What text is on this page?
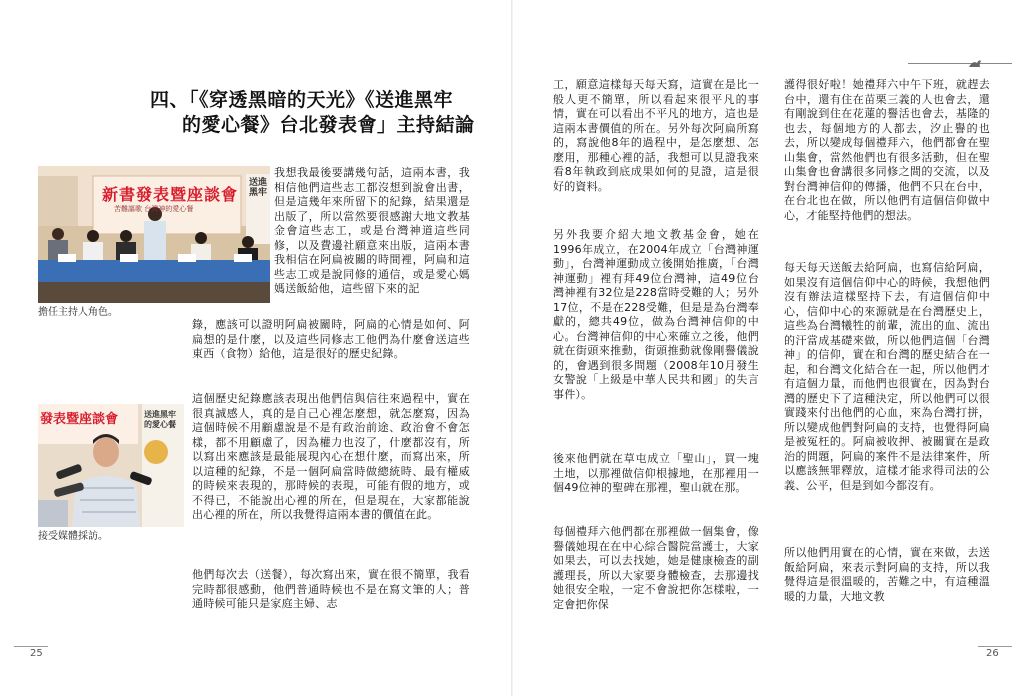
四、「《穿透黑暗的天光》《送進黑牢
的愛心餐》台北發表會」主持結論
新書發表暨座談會
苦難謳歌 台灣神的愛心餐
送進黑牢
擔任主持人角色。
發表暨座談會	送進黑牢的愛心餐
接受媒體採訪。

我想我最後要講幾句話，這兩本書，我相信他們這些志工都沒想到說會出書，但是這幾年來所留下的紀錄，結果還是出版了，所以當然要很感謝大地文教基金會這些志工，或是台灣神道這些同修，以及費邊社願意來出版，這兩本書我相信在阿扁被關的時間裡，阿扁和這些志工或是說同修的通信，或是愛心媽媽送飯給他，這些留下來的記

錄，應該可以證明阿扁被關時，阿扁的心情是如何、阿扁想的是什麼，以及這些同修志工他們為什麼會送這些東西（食物）給他，這是很好的歷史紀錄。

這個歷史紀錄應該表現出他們信與信往來過程中，實在很真誠感人，真的是自己心裡怎麼想，就怎麼寫，因為這個時候不用顧慮說是不是有政治前途、政治會不會怎樣，都不用顧慮了，因為權力也沒了，什麼都沒有，所以寫出來應該是最能展現內心在想什麼，而寫出來，所以這種的紀錄，不是一個阿扁當時做總統時、最有權威的時候來表現的，那時候的表現，可能有假的地方，或不得已，不能說出心裡的所在，但是現在，大家都能說出心裡的所在，所以我覺得這兩本書的價值在此。

他們每次去（送餐），每次寫出來，實在很不簡單，我看完時都很感動，他們普通時候也不是在寫文筆的人；普通時候可能只是家庭主婦、志

25

工，願意這樣每天每天寫，這實在是比一般人更不簡單，所以看起來很平凡的事情，實在可以看出不平凡的地方，這也是這兩本書價值的所在。另外每次阿扁所寫的，寫說他8年的過程中，是怎麼想、怎麼用，那種心裡的話，我想可以見證我來看8年執政到底成果如何的見證，這是很好的資料。

另外我要介紹大地文教基金會，她在1996年成立，在2004年成立「台灣神運動」，台灣神運動成立後開始推廣，「台灣神運動」裡有拜49位台灣神，這49位台灣神裡有32位是228當時受難的人；另外17位，不是在228受難，但是是為台灣奉獻的，總共49位，做為台灣神信仰的中心。台灣神信仰的中心來確立之後，他們就在街頭來推動，街頭推動就像剛譽儀說的，會遇到很多問題（2008年10月發生女警說「上級是中華人民共和國」的失言事件）。

後來他們就在草屯成立「聖山」，買一塊土地，以那裡做信仰根據地，在那裡用一個49位神的聖碑在那裡，聖山就在那。

每個禮拜六他們都在那裡做一個集會，像譽儀她現在在中心綜合醫院當護士，大家如果去，可以去找她，她是健康檢查的副護理長，所以大家要身體檢查，去那邊找她很安全啦，一定不會說把你怎樣啦，一定會把你保

護得很好啦！她禮拜六中午下班，就趕去台中，還有住在苗栗三義的人也會去，還有剛說到住在花蓮的譽活也會去，基隆的也去，每個地方的人都去，汐止譽的也去，所以變成每個禮拜六，他們都會在聖山集會，當然他們也有很多活動，但在聖山集會也會講很多同修之間的交流，以及對台灣神信仰的傳播，他們不只在台中，在台北也在做，所以他們有這個信仰做中心，才能堅持他們的想法。

每天每天送飯去給阿扁，也寫信給阿扁，如果沒有這個信仰中心的時候，我想他們沒有辦法這樣堅持下去，有這個信仰中心，信仰中心的來源就是在台灣歷史上，這些為台灣犧牲的前輩，流出的血、流出的汗當成基礎來做，所以他們這個「台灣神」的信仰，實在和台灣的歷史結合在一起，和台灣文化結合在一起，所以他們才有這個力量，而他們也很實在，因為對台灣的歷史下了這種決定，所以他們可以很實踐來付出他們的心血，來為台灣打拼，所以變成他們對阿扁的支持，也覺得阿扁是被冤枉的。阿扁被收押、被關實在是政治的問題，阿扁的案件不是法律案件，所以應該無罪釋放，這樣才能求得司法的公義、公平，但是到如今都沒有。

所以他們用實在的心情，實在來做，去送飯給阿扁，來表示對阿扁的支持，所以我覺得這是很溫暖的，苦難之中，有這種溫暖的力量，大地文教

26
